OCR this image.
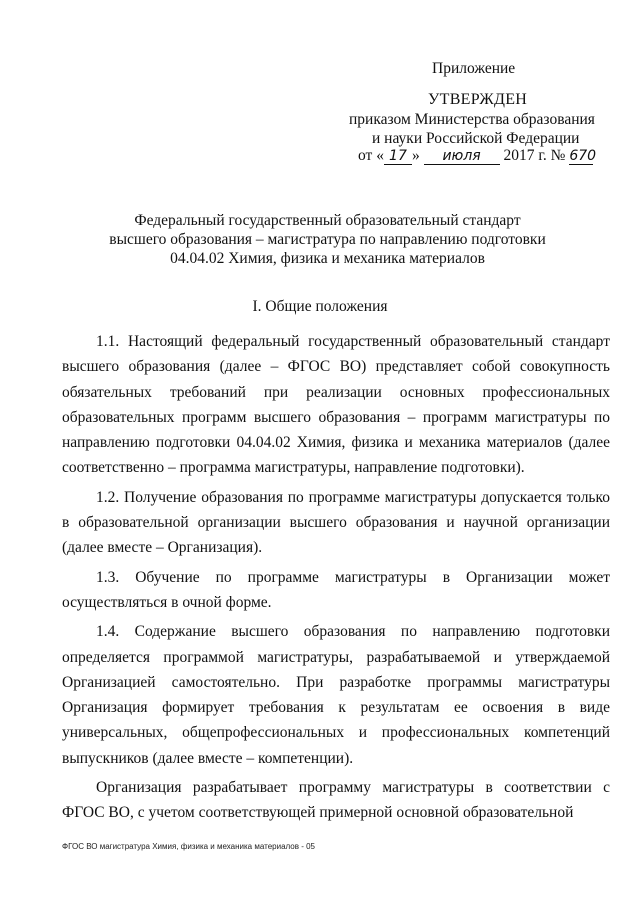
Приложение
УТВЕРЖДЕН
приказом Министерства образования
и науки Российской Федерации
от « 17 » июля 2017 г. № 670
Федеральный государственный образовательный стандарт
высшего образования – магистратура по направлению подготовки
04.04.02 Химия, физика и механика материалов
I. Общие положения

1.1. Настоящий федеральный государственный образовательный стандарт высшего образования (далее – ФГОС ВО) представляет собой совокупность обязательных требований при реализации основных профессиональных образовательных программ высшего образования – программ магистратуры по направлению подготовки 04.04.02 Химия, физика и механика материалов (далее соответственно – программа магистратуры, направление подготовки).

1.2. Получение образования по программе магистратуры допускается только в образовательной организации высшего образования и научной организации (далее вместе – Организация).

1.3. Обучение по программе магистратуры в Организации может осуществляться в очной форме.

1.4. Содержание высшего образования по направлению подготовки определяется программой магистратуры, разрабатываемой и утверждаемой Организацией самостоятельно. При разработке программы магистратуры Организация формирует требования к результатам ее освоения в виде универсальных, общепрофессиональных и профессиональных компетенций выпускников (далее вместе – компетенции).

Организация разрабатывает программу магистратуры в соответствии с ФГОС ВО, с учетом соответствующей примерной основной образовательной

ФГОС ВО магистратура Химия, физика и механика материалов - 05
